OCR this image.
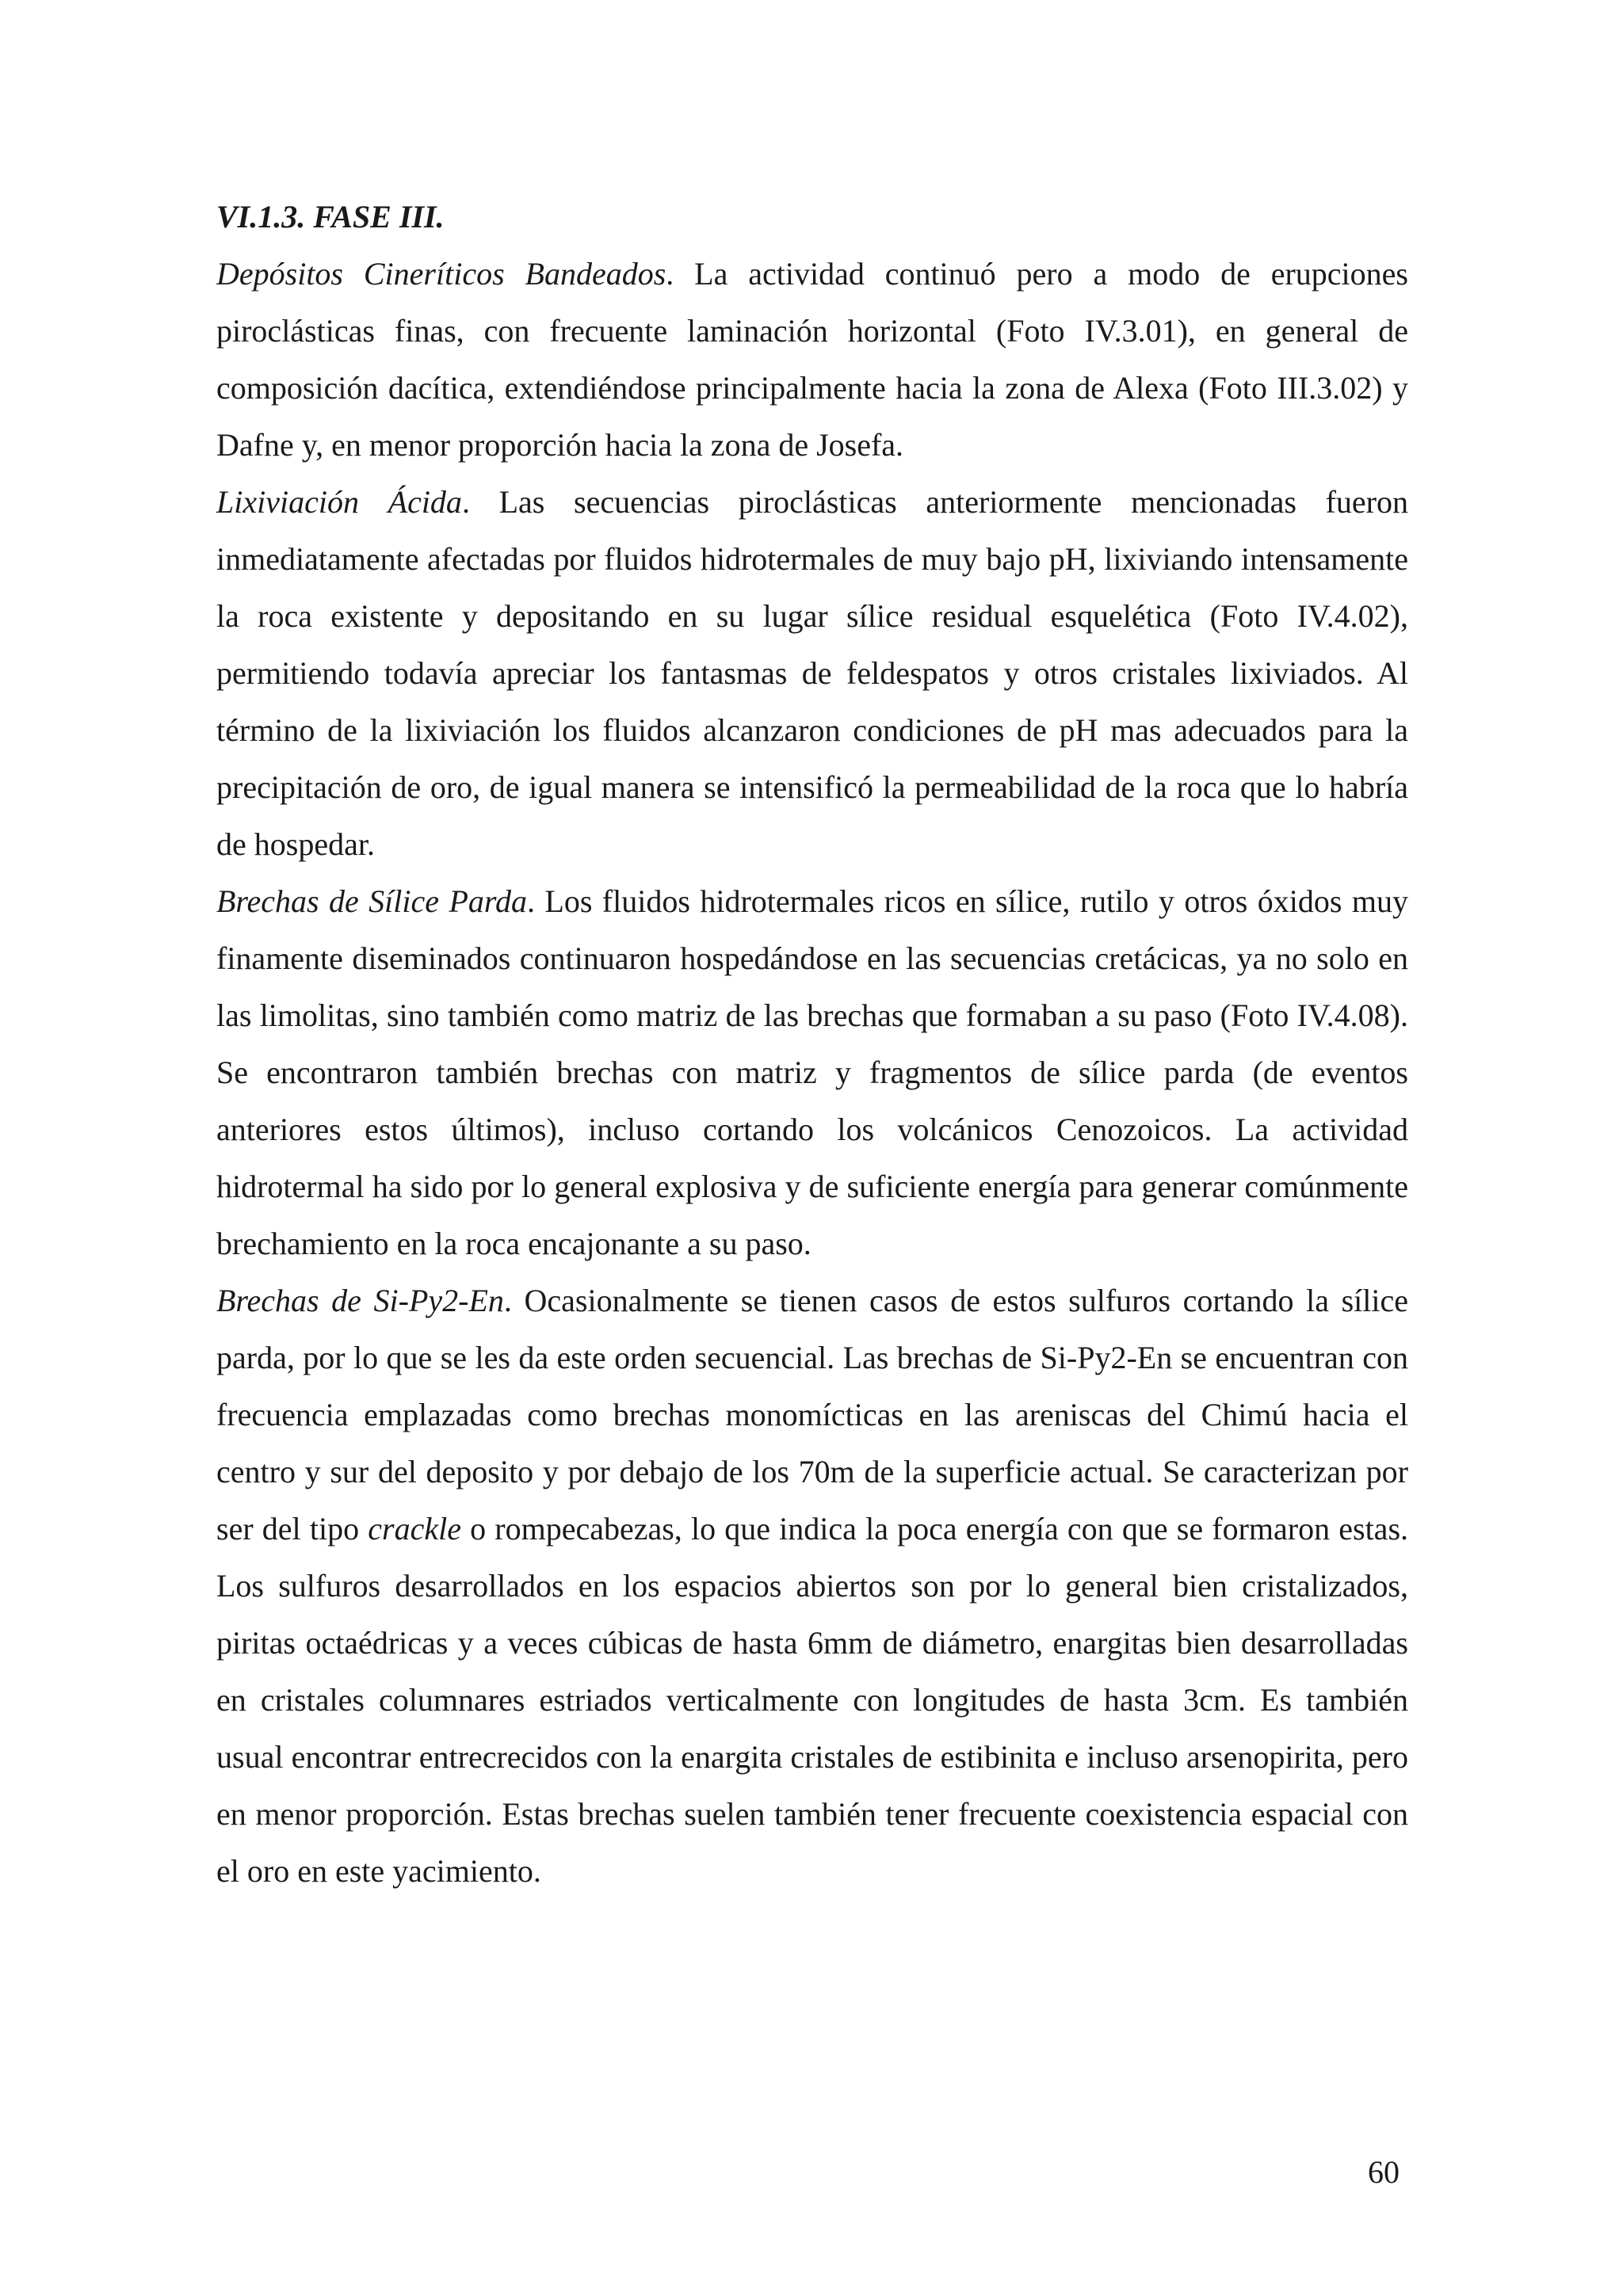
VI.1.3. FASE III.

Depósitos Cineríticos Bandeados. La actividad continuó pero a modo de erupciones piroclásticas finas, con frecuente laminación horizontal (Foto IV.3.01), en general de composición dacítica, extendiéndose principalmente hacia la zona de Alexa (Foto III.3.02) y Dafne y, en menor proporción hacia la zona de Josefa.

Lixiviación Ácida. Las secuencias piroclásticas anteriormente mencionadas fueron inmediatamente afectadas por fluidos hidrotermales de muy bajo pH, lixiviando intensamente la roca existente y depositando en su lugar sílice residual esquelética (Foto IV.4.02), permitiendo todavía apreciar los fantasmas de feldespatos y otros cristales lixiviados. Al término de la lixiviación los fluidos alcanzaron condiciones de pH mas adecuados para la precipitación de oro, de igual manera se intensificó la permeabilidad de la roca que lo habría de hospedar.

Brechas de Sílice Parda. Los fluidos hidrotermales ricos en sílice, rutilo y otros óxidos muy finamente diseminados continuaron hospedándose en las secuencias cretácicas, ya no solo en las limolitas, sino también como matriz de las brechas que formaban a su paso (Foto IV.4.08). Se encontraron también brechas con matriz y fragmentos de sílice parda (de eventos anteriores estos últimos), incluso cortando los volcánicos Cenozoicos. La actividad hidrotermal ha sido por lo general explosiva y de suficiente energía para generar comúnmente brechamiento en la roca encajonante a su paso.

Brechas de Si-Py2-En. Ocasionalmente se tienen casos de estos sulfuros cortando la sílice parda, por lo que se les da este orden secuencial. Las brechas de Si-Py2-En se encuentran con frecuencia emplazadas como brechas monomícticas en las areniscas del Chimú hacia el centro y sur del deposito y por debajo de los 70m de la superficie actual. Se caracterizan por ser del tipo crackle o rompecabezas, lo que indica la poca energía con que se formaron estas. Los sulfuros desarrollados en los espacios abiertos son por lo general bien cristalizados, piritas octaédricas y a veces cúbicas de hasta 6mm de diámetro, enargitas bien desarrolladas en cristales columnares estriados verticalmente con longitudes de hasta 3cm. Es también usual encontrar entrecrecidos con la enargita cristales de estibinita e incluso arsenopirita, pero en menor proporción. Estas brechas suelen también tener frecuente coexistencia espacial con el oro en este yacimiento.

60
